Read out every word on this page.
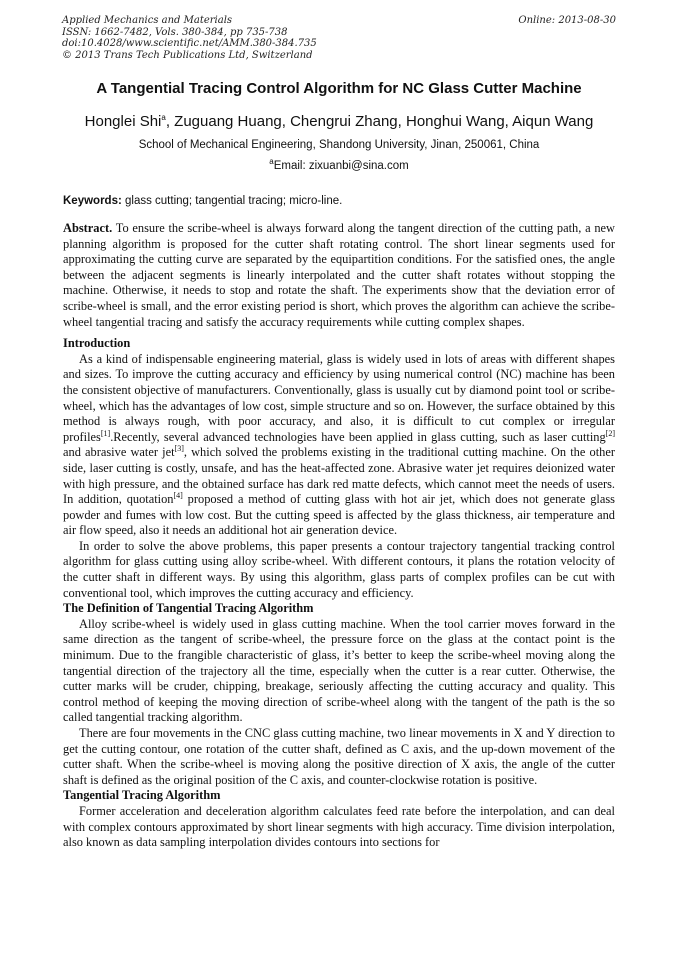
Applied Mechanics and Materials
ISSN: 1662-7482, Vols. 380-384, pp 735-738
doi:10.4028/www.scientific.net/AMM.380-384.735
© 2013 Trans Tech Publications Ltd, Switzerland
Online: 2013-08-30
A Tangential Tracing Control Algorithm for NC Glass Cutter Machine
Honglei Shi$^a$, Zuguang Huang, Chengrui Zhang, Honghui Wang, Aiqun Wang
School of Mechanical Engineering, Shandong University, Jinan, 250061, China
$^a$Email: zixuanbi@sina.com
Keywords: glass cutting; tangential tracing; micro-line.

Abstract. To ensure the scribe-wheel is always forward along the tangent direction of the cutting path, a new planning algorithm is proposed for the cutter shaft rotating control. The short linear segments used for approximating the cutting curve are separated by the equipartition conditions. For the satisfied ones, the angle between the adjacent segments is linearly interpolated and the cutter shaft rotates without stopping the machine. Otherwise, it needs to stop and rotate the shaft. The experiments show that the deviation error of scribe-wheel is small, and the error existing period is short, which proves the algorithm can achieve the scribe-wheel tangential tracing and satisfy the accuracy requirements while cutting complex shapes.

Introduction

As a kind of indispensable engineering material, glass is widely used in lots of areas with different shapes and sizes. To improve the cutting accuracy and efficiency by using numerical control (NC) machine has been the consistent objective of manufacturers. Conventionally, glass is usually cut by diamond point tool or scribe-wheel, which has the advantages of low cost, simple structure and so on. However, the surface obtained by this method is always rough, with poor accuracy, and also, it is difficult to cut complex or irregular profiles[1].Recently, several advanced technologies have been applied in glass cutting, such as laser cutting[2] and abrasive water jet[3], which solved the problems existing in the traditional cutting machine. On the other side, laser cutting is costly, unsafe, and has the heat-affected zone. Abrasive water jet requires deionized water with high pressure, and the obtained surface has dark red matte defects, which cannot meet the needs of users. In addition, quotation[4] proposed a method of cutting glass with hot air jet, which does not generate glass powder and fumes with low cost. But the cutting speed is affected by the glass thickness, air temperature and air flow speed, also it needs an additional hot air generation device.

In order to solve the above problems, this paper presents a contour trajectory tangential tracking control algorithm for glass cutting using alloy scribe-wheel. With different contours, it plans the rotation velocity of the cutter shaft in different ways. By using this algorithm, glass parts of complex profiles can be cut with conventional tool, which improves the cutting accuracy and efficiency.

The Definition of Tangential Tracing Algorithm

Alloy scribe-wheel is widely used in glass cutting machine. When the tool carrier moves forward in the same direction as the tangent of scribe-wheel, the pressure force on the glass at the contact point is the minimum. Due to the frangible characteristic of glass, it’s better to keep the scribe-wheel moving along the tangential direction of the trajectory all the time, especially when the cutter is a rear cutter. Otherwise, the cutter marks will be cruder, chipping, breakage, seriously affecting the cutting accuracy and quality. This control method of keeping the moving direction of scribe-wheel along with the tangent of the path is the so called tangential tracking algorithm.

There are four movements in the CNC glass cutting machine, two linear movements in X and Y direction to get the cutting contour, one rotation of the cutter shaft, defined as C axis, and the up-down movement of the cutter shaft. When the scribe-wheel is moving along the positive direction of X axis, the angle of the cutter shaft is defined as the original position of the C axis, and counter-clockwise rotation is positive.

Tangential Tracing Algorithm

Former acceleration and deceleration algorithm calculates feed rate before the interpolation, and can deal with complex contours approximated by short linear segments with high accuracy. Time division interpolation, also known as data sampling interpolation divides contours into sections for
